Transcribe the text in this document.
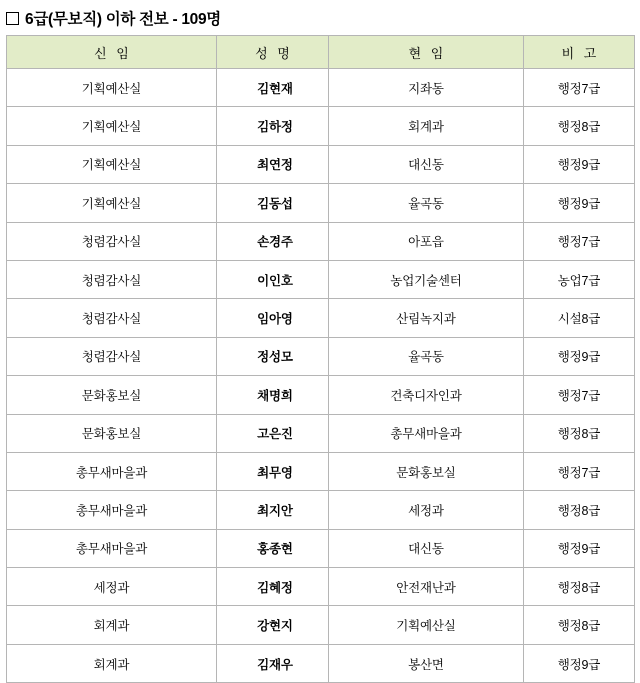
6급(무보직) 이하 전보 - 109명
신 임	성 명	현 임	비 고
기획예산실	김현재	지좌동	행정7급
기획예산실	김하정	회계과	행정8급
기획예산실	최연정	대신동	행정9급
기획예산실	김동섭	율곡동	행정9급
청렴감사실	손경주	아포읍	행정7급
청렴감사실	이인호	농업기술센터	농업7급
청렴감사실	임아영	산림녹지과	시설8급
청렴감사실	정성모	율곡동	행정9급
문화홍보실	채명희	건축디자인과	행정7급
문화홍보실	고은진	총무새마을과	행정8급
총무새마을과	최무영	문화홍보실	행정7급
총무새마을과	최지안	세정과	행정8급
총무새마을과	홍종현	대신동	행정9급
세정과	김혜정	안전재난과	행정8급
회계과	강현지	기획예산실	행정8급
회계과	김재우	봉산면	행정9급
